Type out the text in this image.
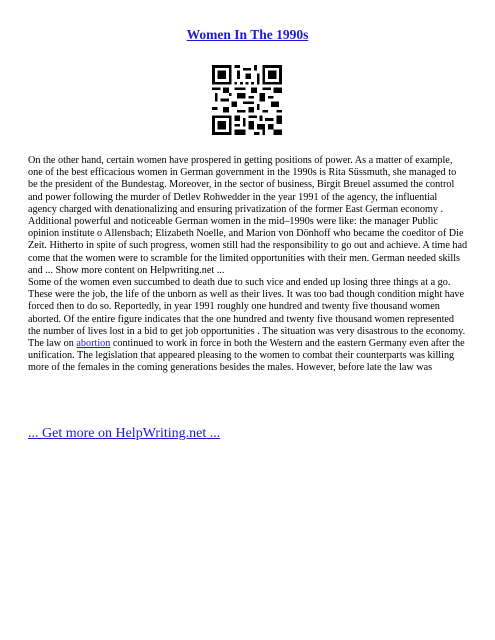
Women In The 1990s

On the other hand, certain women have prospered in getting positions of power. As a matter of example, one of the best efficacious women in German government in the 1990s is Rita Süssmuth, she managed to be the president of the Bundestag. Moreover, in the sector of business, Birgit Breuel assumed the control and power following the murder of Detlev Rohwedder in the year 1991 of the agency, the influential agency charged with denationalizing and ensuring privatization of the former East German economy . Additional powerful and noticeable German women in the mid–1990s were like: the manager Public opinion institute o Allensbach; Elizabeth Noelle, and Marion von Dönhoff who became the coeditor of Die Zeit. Hitherto in spite of such progress, women still had the responsibility to go out and achieve. A time had come that the women were to scramble for the limited opportunities with their men. German needed skills and ... Show more content on Helpwriting.net ...

Some of the women even succumbed to death due to such vice and ended up losing three things at a go. These were the job, the life of the unborn as well as their lives. It was too bad though condition might have forced then to do so. Reportedly, in year 1991 roughly one hundred and twenty five thousand women aborted. Of the entire figure indicates that the one hundred and twenty five thousand women represented the number of lives lost in a bid to get job opportunities . The situation was very disastrous to the economy. The law on abortion continued to work in force in both the Western and the eastern Germany even after the unification. The legislation that appeared pleasing to the women to combat their counterparts was killing more of the females in the coming generations besides the males. However, before late the law was

... Get more on HelpWriting.net ...
